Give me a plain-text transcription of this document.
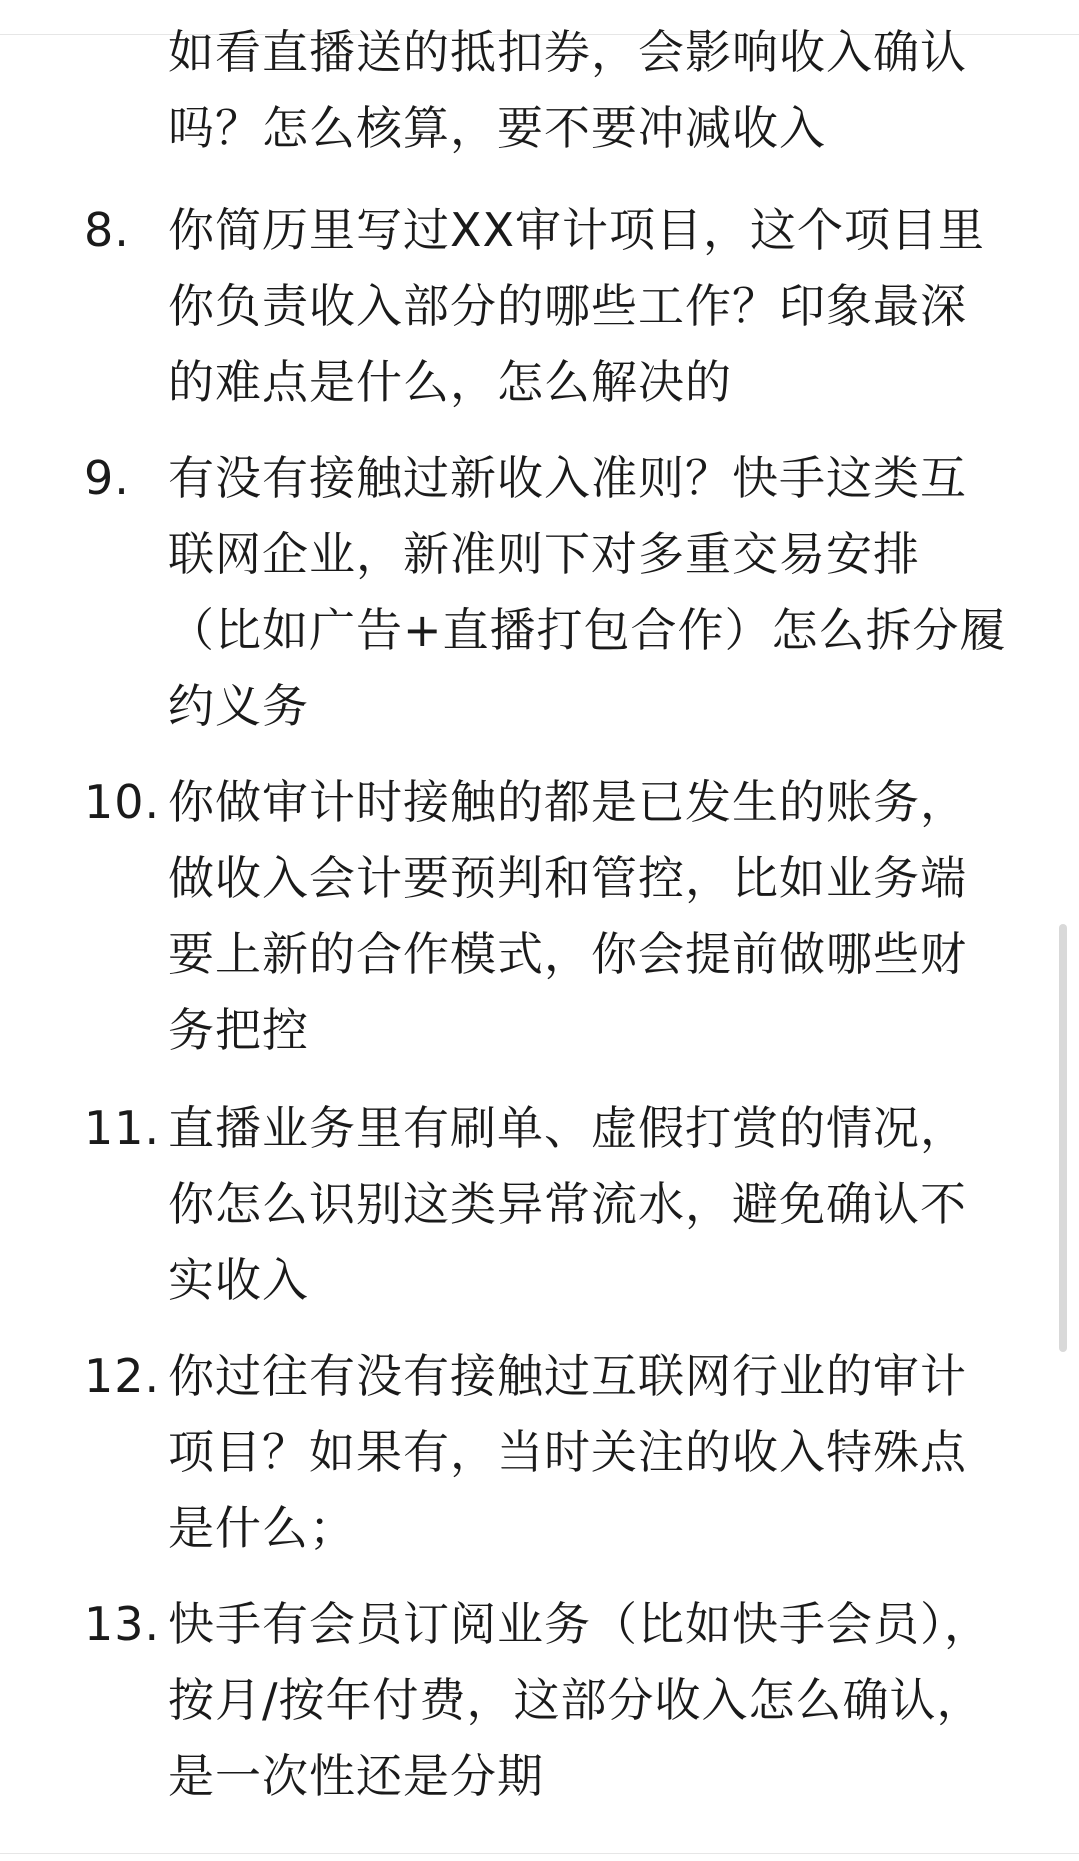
如看直播送的抵扣券，会影响收入确认吗？怎么核算，要不要冲减收入
8. 你简历里写过XX审计项目，这个项目里你负责收入部分的哪些工作？印象最深的难点是什么，怎么解决的
9. 有没有接触过新收入准则？快手这类互联网企业，新准则下对多重交易安排（比如广告+直播打包合作）怎么拆分履约义务
10. 你做审计时接触的都是已发生的账务，做收入会计要预判和管控，比如业务端要上新的合作模式，你会提前做哪些财务把控
11. 直播业务里有刷单、虚假打赏的情况，你怎么识别这类异常流水，避免确认不实收入
12. 你过往有没有接触过互联网行业的审计项目？如果有，当时关注的收入特殊点是什么；
13. 快手有会员订阅业务（比如快手会员），按月/按年付费，这部分收入怎么确认，是一次性还是分期
